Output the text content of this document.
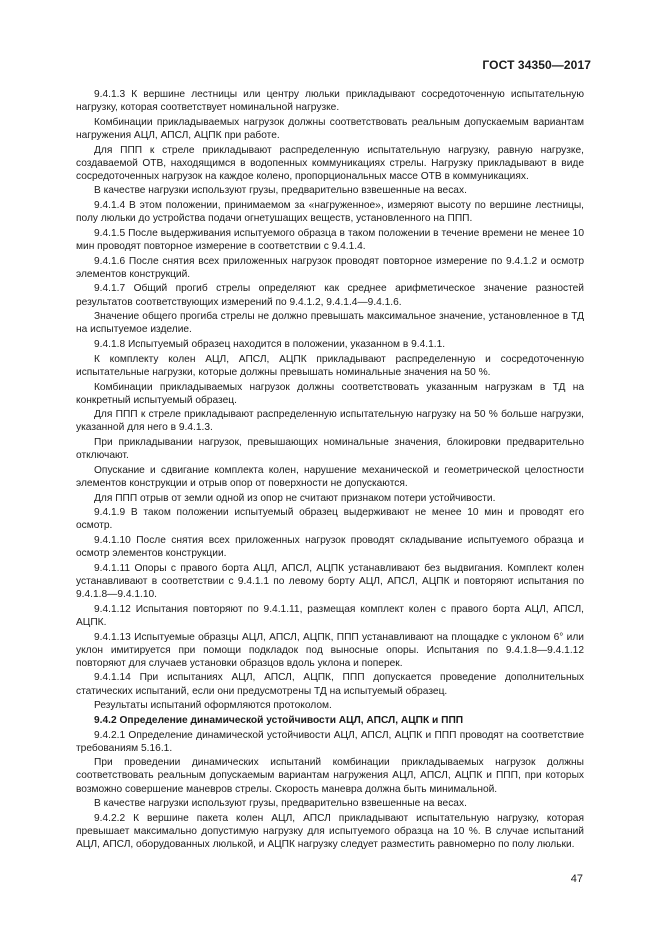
ГОСТ 34350—2017

9.4.1.3 К вершине лестницы или центру люльки прикладывают сосредоточенную испытательную нагрузку, которая соответствует номинальной нагрузке.

Комбинации прикладываемых нагрузок должны соответствовать реальным допускаемым вариантам нагружения АЦЛ, АПСЛ, АЦПК при работе.

Для ППП к стреле прикладывают распределенную испытательную нагрузку, равную нагрузке, создаваемой ОТВ, находящимся в водопенных коммуникациях стрелы. Нагрузку прикладывают в виде сосредоточенных нагрузок на каждое колено, пропорциональных массе ОТВ в коммуникациях.

В качестве нагрузки используют грузы, предварительно взвешенные на весах.

9.4.1.4 В этом положении, принимаемом за «нагруженное», измеряют высоту по вершине лестницы, полу люльки до устройства подачи огнетушащих веществ, установленного на ППП.

9.4.1.5 После выдерживания испытуемого образца в таком положении в течение времени не менее 10 мин проводят повторное измерение в соответствии с 9.4.1.4.

9.4.1.6 После снятия всех приложенных нагрузок проводят повторное измерение по 9.4.1.2 и осмотр элементов конструкций.

9.4.1.7 Общий прогиб стрелы определяют как среднее арифметическое значение разностей результатов соответствующих измерений по 9.4.1.2, 9.4.1.4—9.4.1.6.

Значение общего прогиба стрелы не должно превышать максимальное значение, установленное в ТД на испытуемое изделие.

9.4.1.8 Испытуемый образец находится в положении, указанном в 9.4.1.1.

К комплекту колен АЦЛ, АПСЛ, АЦПК прикладывают распределенную и сосредоточенную испытательные нагрузки, которые должны превышать номинальные значения на 50 %.

Комбинации прикладываемых нагрузок должны соответствовать указанным нагрузкам в ТД на конкретный испытуемый образец.

Для ППП к стреле прикладывают распределенную испытательную нагрузку на 50 % больше нагрузки, указанной для него в 9.4.1.3.

При прикладывании нагрузок, превышающих номинальные значения, блокировки предварительно отключают.

Опускание и сдвигание комплекта колен, нарушение механической и геометрической целостности элементов конструкции и отрыв опор от поверхности не допускаются.

Для ППП отрыв от земли одной из опор не считают признаком потери устойчивости.

9.4.1.9 В таком положении испытуемый образец выдерживают не менее 10 мин и проводят его осмотр.

9.4.1.10 После снятия всех приложенных нагрузок проводят складывание испытуемого образца и осмотр элементов конструкции.

9.4.1.11 Опоры с правого борта АЦЛ, АПСЛ, АЦПК устанавливают без выдвигания. Комплект колен устанавливают в соответствии с 9.4.1.1 по левому борту АЦЛ, АПСЛ, АЦПК и повторяют испытания по 9.4.1.8—9.4.1.10.

9.4.1.12 Испытания повторяют по 9.4.1.11, размещая комплект колен с правого борта АЦЛ, АПСЛ, АЦПК.

9.4.1.13 Испытуемые образцы АЦЛ, АПСЛ, АЦПК, ППП устанавливают на площадке с уклоном 6° или уклон имитируется при помощи подкладок под выносные опоры. Испытания по 9.4.1.8—9.4.1.12 повторяют для случаев установки образцов вдоль уклона и поперек.

9.4.1.14 При испытаниях АЦЛ, АПСЛ, АЦПК, ППП допускается проведение дополнительных статических испытаний, если они предусмотрены ТД на испытуемый образец.

Результаты испытаний оформляются протоколом.

9.4.2 Определение динамической устойчивости АЦЛ, АПСЛ, АЦПК и ППП

9.4.2.1 Определение динамической устойчивости АЦЛ, АПСЛ, АЦПК и ППП проводят на соответствие требованиям 5.16.1.

При проведении динамических испытаний комбинации прикладываемых нагрузок должны соответствовать реальным допускаемым вариантам нагружения АЦЛ, АПСЛ, АЦПК и ППП, при которых возможно совершение маневров стрелы. Скорость маневра должна быть минимальной.

В качестве нагрузки используют грузы, предварительно взвешенные на весах.

9.4.2.2 К вершине пакета колен АЦЛ, АПСЛ прикладывают испытательную нагрузку, которая превышает максимально допустимую нагрузку для испытуемого образца на 10 %. В случае испытаний АЦЛ, АПСЛ, оборудованных люлькой, и АЦПК нагрузку следует разместить равномерно по полу люльки.

47
